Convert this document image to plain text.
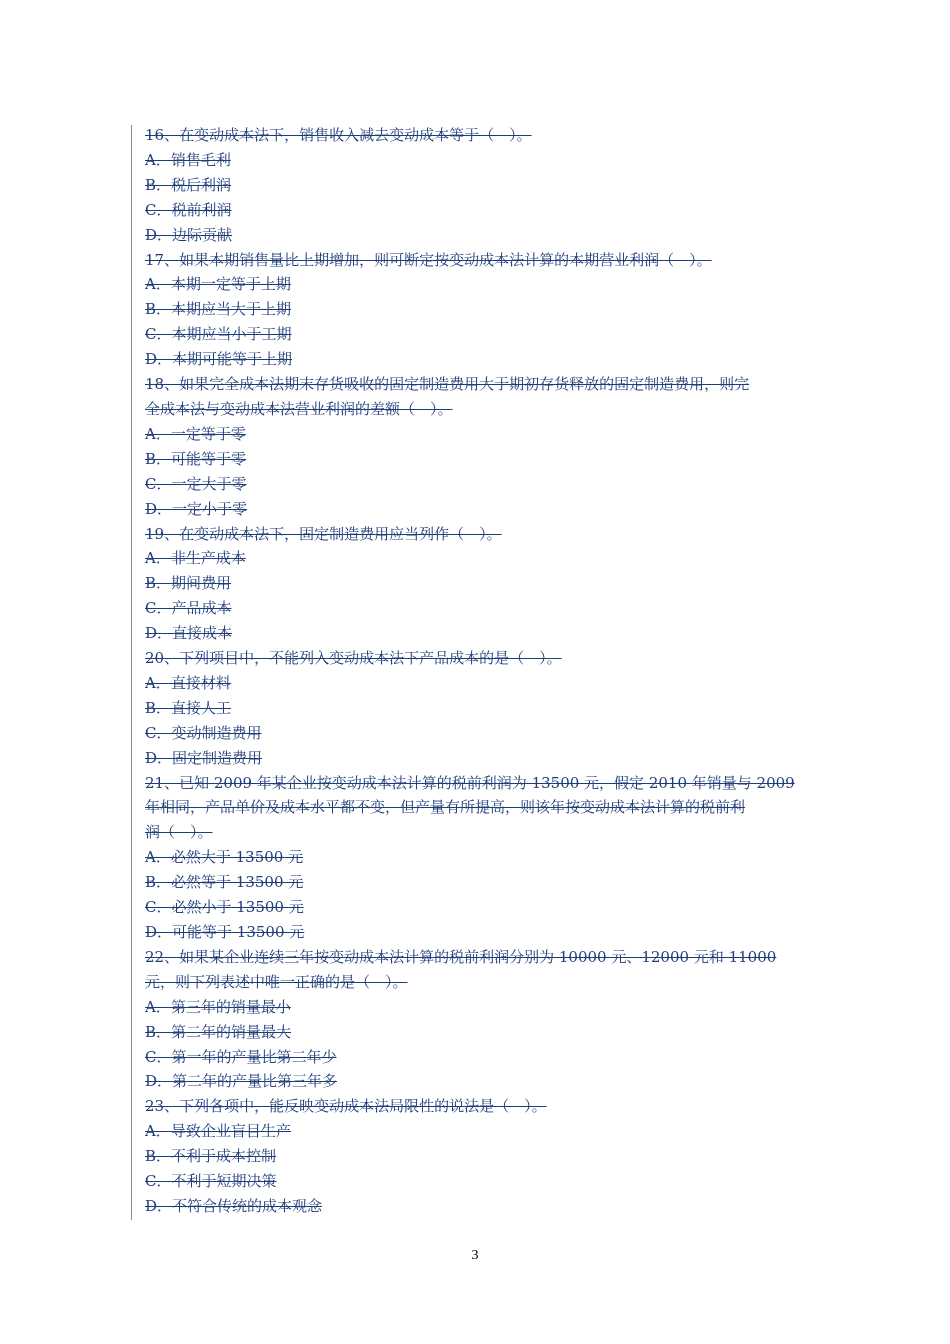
16、在变动成本法下，销售收入减去变动成本等于（　）。
A．销售毛利
B．税后利润
C．税前利润
D．边际贡献
17、如果本期销售量比上期增加，则可断定按变动成本法计算的本期营业利润（　）。
A．本期一定等于上期
B．本期应当大于上期
C．本期应当小于工期
D．本期可能等于上期
18、如果完全成本法期末存货吸收的固定制造费用大于期初存货释放的固定制造费用，则完
全成本法与变动成本法营业利润的差额（　）。
A．一定等于零
B．可能等于零
C．一定大于零
D．一定小于零
19、在变动成本法下，固定制造费用应当列作（　）。
A．非生产成本
B．期间费用
C．产品成本
D．直接成本
20、下列项目中，不能列入变动成本法下产品成本的是（　）。
A．直接材料
B．直接人工
C．变动制造费用
D．固定制造费用
21、已知 2009 年某企业按变动成本法计算的税前利润为 13500 元，假定 2010 年销量与 2009
年相同，产品单价及成本水平都不变，但产量有所提高，则该年按变动成本法计算的税前利
润（　）。
A．必然大于 13500 元
B．必然等于 13500 元
C．必然小于 13500 元
D．可能等于 13500 元
22、如果某企业连续三年按变动成本法计算的税前利润分别为 10000 元、12000 元和 11000
元，则下列表述中唯一正确的是（　）。
A．第三年的销量最小
B．第二年的销量最大
C．第一年的产量比第二年少
D．第二年的产量比第三年多
23、下列各项中，能反映变动成本法局限性的说法是（　）。
A．导致企业盲目生产
B．不利于成本控制
C．不利于短期决策
D．不符合传统的成本观念
3
